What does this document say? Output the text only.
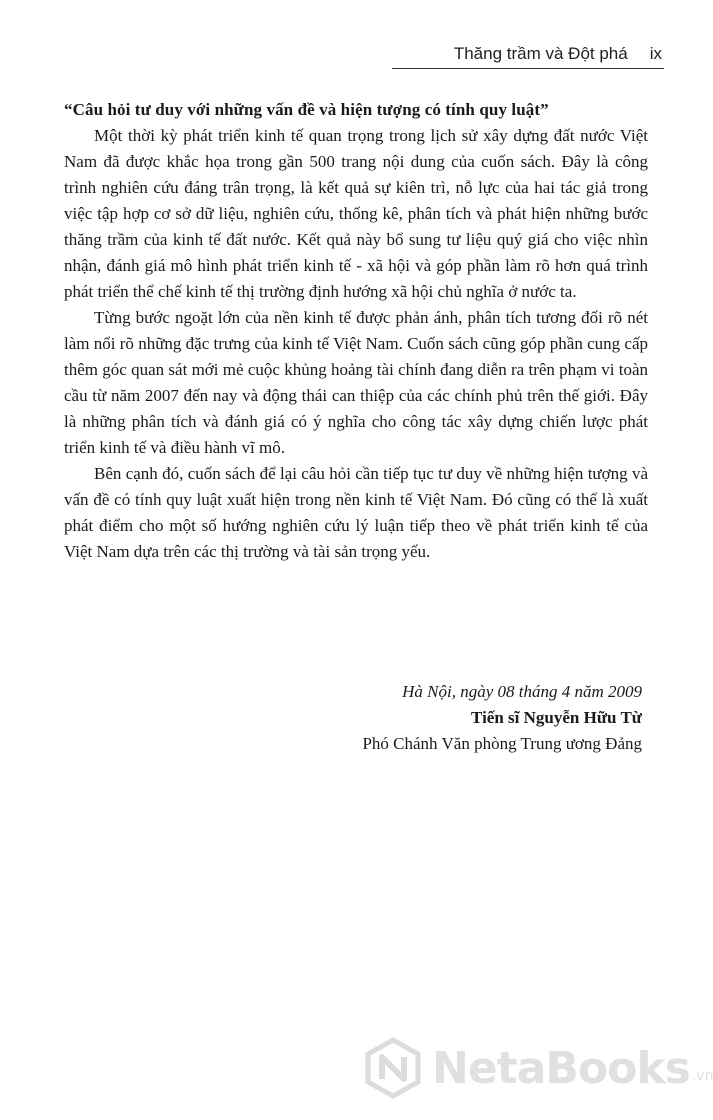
Thăng trầm và Đột phá ix

“Câu hỏi tư duy với những vấn đề và hiện tượng có tính quy luật”

Một thời kỳ phát triển kinh tế quan trọng trong lịch sử xây dựng đất nước Việt Nam đã được khắc họa trong gần 500 trang nội dung của cuốn sách. Đây là công trình nghiên cứu đáng trân trọng, là kết quả sự kiên trì, nỗ lực của hai tác giả trong việc tập hợp cơ sở dữ liệu, nghiên cứu, thống kê, phân tích và phát hiện những bước thăng trầm của kinh tế đất nước. Kết quả này bổ sung tư liệu quý giá cho việc nhìn nhận, đánh giá mô hình phát triển kinh tế - xã hội và góp phần làm rõ hơn quá trình phát triển thể chế kinh tế thị trường định hướng xã hội chủ nghĩa ở nước ta.

Từng bước ngoặt lớn của nền kinh tế được phản ánh, phân tích tương đối rõ nét làm nổi rõ những đặc trưng của kinh tế Việt Nam. Cuốn sách cũng góp phần cung cấp thêm góc quan sát mới mẻ cuộc khủng hoảng tài chính đang diễn ra trên phạm vi toàn cầu từ năm 2007 đến nay và động thái can thiệp của các chính phủ trên thế giới. Đây là những phân tích và đánh giá có ý nghĩa cho công tác xây dựng chiến lược phát triển kinh tế và điều hành vĩ mô.

Bên cạnh đó, cuốn sách để lại câu hỏi cần tiếp tục tư duy về những hiện tượng và vấn đề có tính quy luật xuất hiện trong nền kinh tế Việt Nam. Đó cũng có thể là xuất phát điểm cho một số hướng nghiên cứu lý luận tiếp theo về phát triển kinh tế của Việt Nam dựa trên các thị trường và tài sản trọng yếu.

Hà Nội, ngày 08 tháng 4 năm 2009
Tiến sĩ Nguyễn Hữu Từ
Phó Chánh Văn phòng Trung ương Đảng
NetaBooks .vn
